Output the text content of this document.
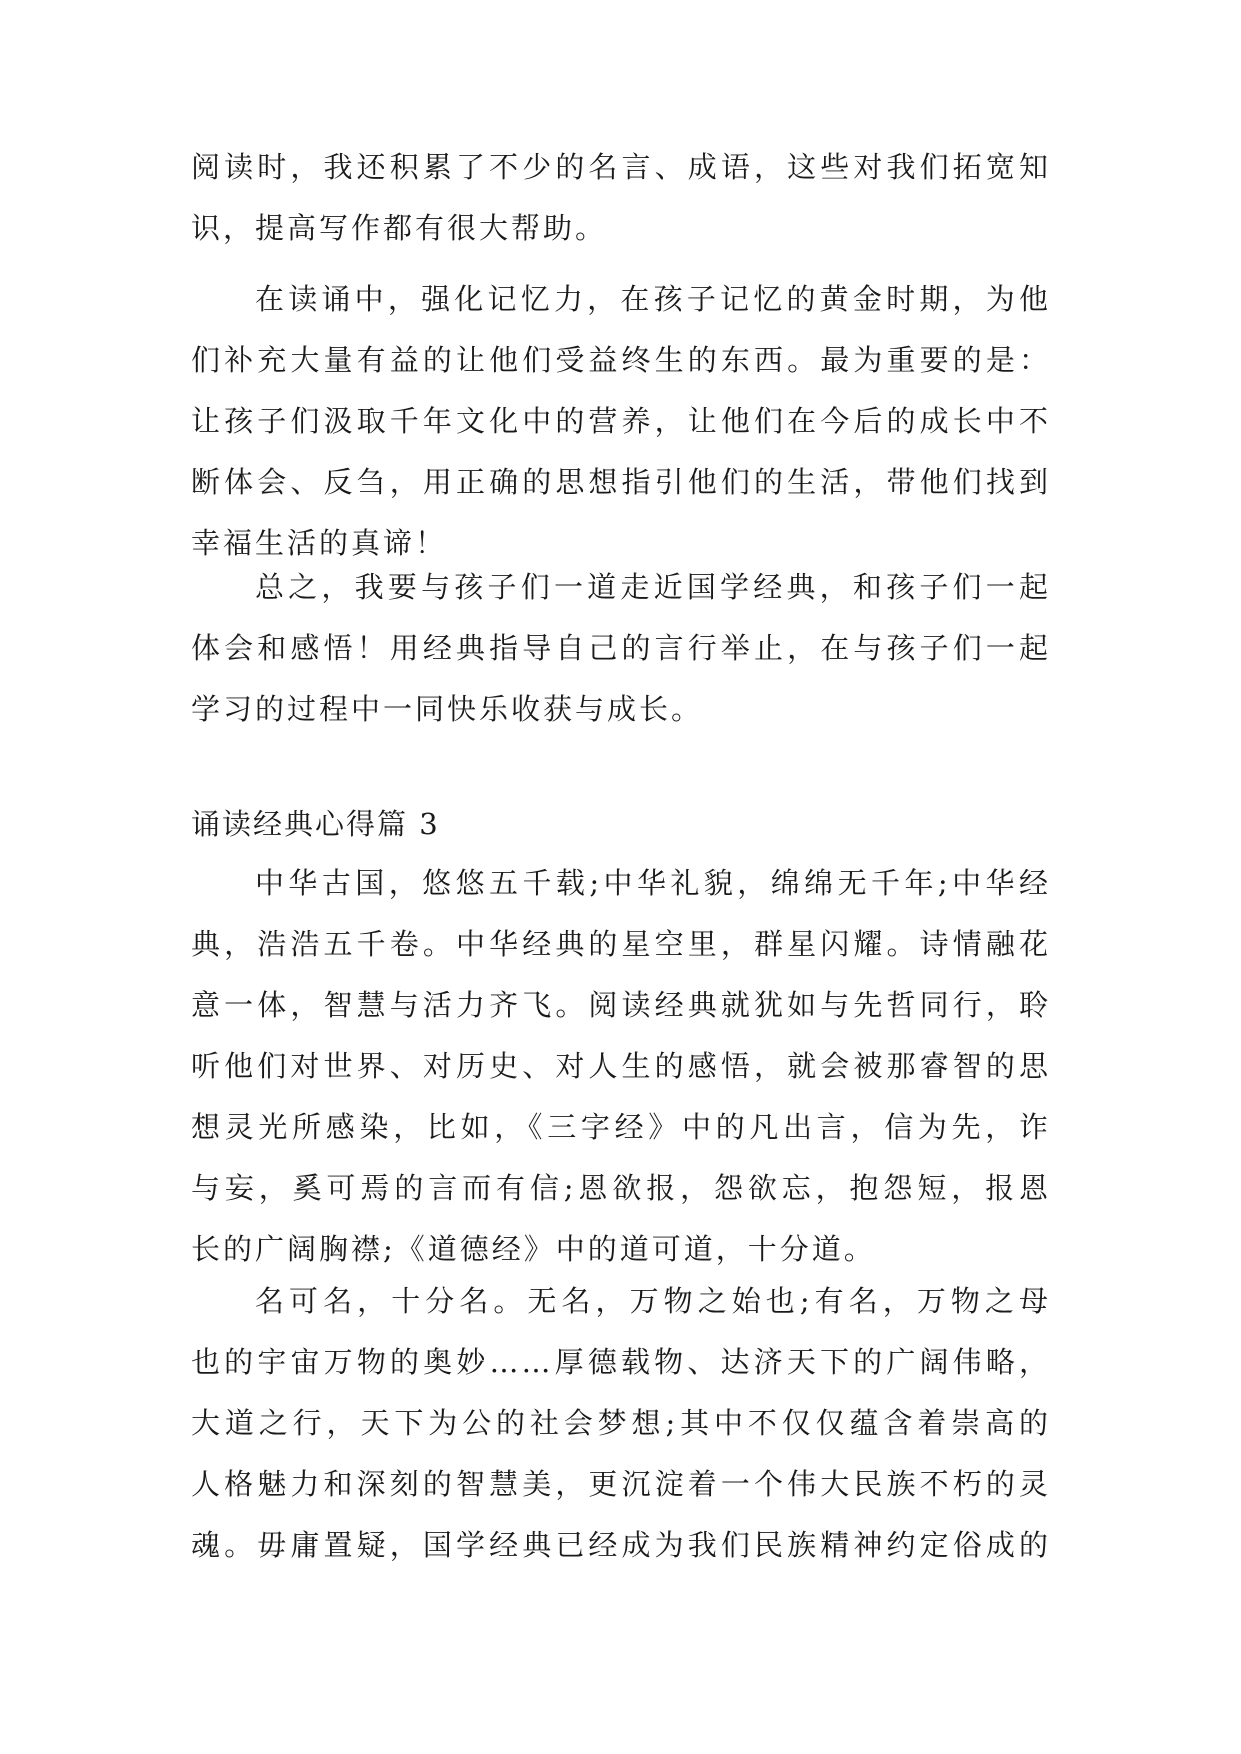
阅读时，我还积累了不少的名言、成语，这些对我们拓宽知
识，提高写作都有很大帮助。
在读诵中，强化记忆力，在孩子记忆的黄金时期，为他
们补充大量有益的让他们受益终生的东西。最为重要的是：
让孩子们汲取千年文化中的营养，让他们在今后的成长中不
断体会、反刍，用正确的思想指引他们的生活，带他们找到
幸福生活的真谛！
总之，我要与孩子们一道走近国学经典，和孩子们一起
体会和感悟！用经典指导自己的言行举止，在与孩子们一起
学习的过程中一同快乐收获与成长。
诵读经典心得篇 3
中华古国，悠悠五千载;中华礼貌，绵绵无千年;中华经
典，浩浩五千卷。中华经典的星空里，群星闪耀。诗情融花
意一体，智慧与活力齐飞。阅读经典就犹如与先哲同行，聆
听他们对世界、对历史、对人生的感悟，就会被那睿智的思
想灵光所感染，比如，《三字经》中的凡出言，信为先，诈
与妄，奚可焉的言而有信;恩欲报，怨欲忘，抱怨短，报恩
长的广阔胸襟;《道德经》中的道可道，十分道。
名可名，十分名。无名，万物之始也;有名，万物之母
也的宇宙万物的奥妙……厚德载物、达济天下的广阔伟略，
大道之行，天下为公的社会梦想;其中不仅仅蕴含着崇高的
人格魅力和深刻的智慧美，更沉淀着一个伟大民族不朽的灵
魂。毋庸置疑，国学经典已经成为我们民族精神约定俗成的
